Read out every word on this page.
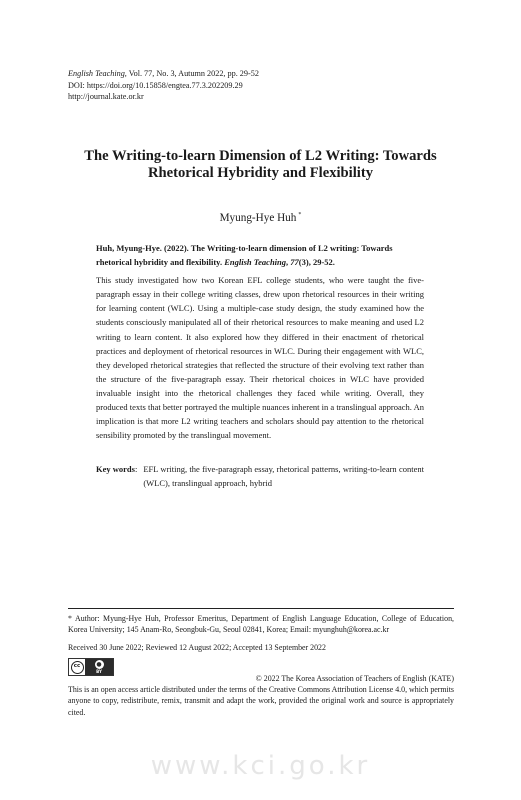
English Teaching, Vol. 77, No. 3, Autumn 2022, pp. 29-52
DOI: https://doi.org/10.15858/engtea.77.3.202209.29
http://journal.kate.or.kr
The Writing-to-learn Dimension of L2 Writing: Towards
Rhetorical Hybridity and Flexibility
Myung-Hye Huh *

Huh, Myung-Hye. (2022). The Writing-to-learn dimension of L2 writing: Towards rhetorical hybridity and flexibility. English Teaching, 77(3), 29-52.

This study investigated how two Korean EFL college students, who were taught the five-paragraph essay in their college writing classes, drew upon rhetorical resources in their writing for learning content (WLC). Using a multiple-case study design, the study examined how the students consciously manipulated all of their rhetorical resources to make meaning and used L2 writing to learn content. It also explored how they differed in their enactment of rhetorical practices and deployment of rhetorical resources in WLC. During their engagement with WLC, they developed rhetorical strategies that reflected the structure of their evolving text rather than the structure of the five-paragraph essay. Their rhetorical choices in WLC have provided invaluable insight into the rhetorical challenges they faced while writing. Overall, they produced texts that better portrayed the multiple nuances inherent in a translingual approach. An implication is that more L2 writing teachers and scholars should pay attention to the rhetorical sensibility promoted by the translingual movement.

Key words: EFL writing, the five-paragraph essay, rhetorical patterns, writing-to-learn content (WLC), translingual approach, hybrid
* Author: Myung-Hye Huh, Professor Emeritus, Department of English Language Education, College of Education, Korea University; 145 Anam-Ro, Seongbuk-Gu, Seoul 02841, Korea; Email: myunghuh@korea.ac.kr
Received 30 June 2022; Reviewed 12 August 2022; Accepted 13 September 2022
cc	●
BY
© 2022 The Korea Association of Teachers of English (KATE)
This is an open access article distributed under the terms of the Creative Commons Attribution License 4.0, which permits anyone to copy, redistribute, remix, transmit and adapt the work, provided the original work and source is appropriately cited.
www.kci.go.kr
